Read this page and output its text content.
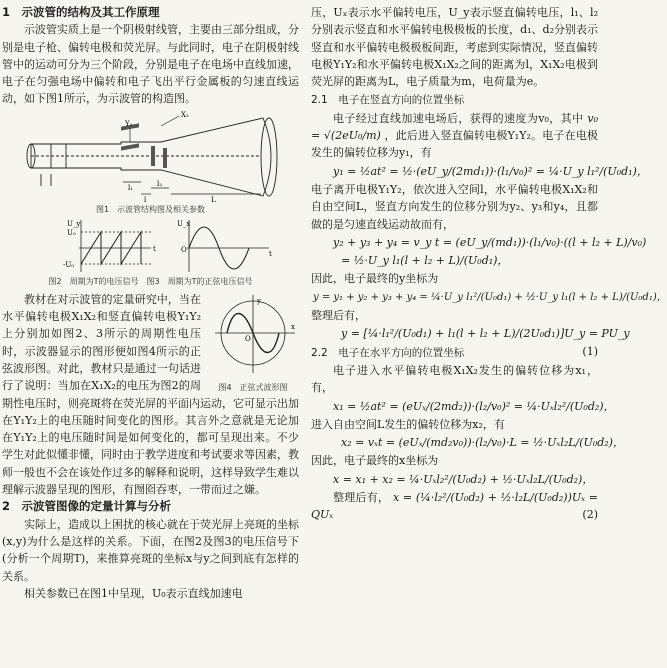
1　示波管的结构及其工作原理

示波管实质上是一个阴极射线管，主要由三部分组成，分别是电子枪、偏转电极和荧光屏。与此同时，电子在阴极射线管中的运动可分为三个阶段，分别是电子在电场中直线加速，电子在匀强电场中偏转和电子飞出平行金属板的匀速直线运动，如下图1所示，为示波管的构造图。

Y₁
X₂
l₁	l₂
l	L

图1　示波管结构图及相关参数

U_y
U₀
-U₀
t
U_x
O	t

图2　周期为T的电压信号　图3　周期为T的正弦电压信号

y
x
O

图4　正弦式波形图

教材在对示波管的定量研究中，当在水平偏转电极X₁X₂和竖直偏转电极Y₁Y₂上分别加如图2、3所示的周期性电压时，示波器显示的图形便如图4所示的正弦波形图。对此，教材只是通过一句话进行了说明：当加在X₁X₂的电压为图2的周期性电压时，则亮斑将在荧光屏的平面内运动，它可显示出加在Y₁Y₂上的电压随时间变化的图形。其言外之意就是无论加在Y₁Y₂上的电压随时间是如何变化的，都可呈现出来。不少学生对此似懂非懂，同时由于教学进度和考试要求等因素，教师一般也不会在该处作过多的解释和说明，这样导致学生难以理解示波器呈现的图形，有囫囵吞枣，一带而过之嫌。

2　示波管图像的定量计算与分析

实际上，造成以上困扰的核心就在于荧光屏上亮斑的坐标(x,y)为什么是这样的关系。下面，在图2及图3的电压信号下(分析一个周期T)，来推算亮斑的坐标x与y之间到底有怎样的关系。

相关参数已在图1中呈现，U₀表示直线加速电

压，Uₓ表示水平偏转电压，U_y表示竖直偏转电压，l₁、l₂分别表示竖直和水平偏转电极极板的长度，d₁、d₂分别表示竖直和水平偏转电极极板间距，考虑到实际情况，竖直偏转电极Y₁Y₂和水平偏转电极X₁X₂之间的距离为l，X₁X₂电极到荧光屏的距离为L，电子质量为m，电荷量为e。

2.1　电子在竖直方向的位置坐标

电子经过直线加速电场后，获得的速度为v₀，其中 v₀ = √(2eU₀/m) ，此后进入竖直偏转电极Y₁Y₂。电子在电极发生的偏转位移为y₁，有

y₁ = ½at² = ½·(eU_y/(2md₁))·(l₁/v₀)² = ¼·U_y l₁²/(U₀d₁)，

电子离开电极Y₁Y₂，依次进入空间l，水平偏转电极X₁X₂和自由空间L，竖直方向发生的位移分别为y₂、y₃和y₄，且都做的是匀速直线运动故而有，

y₂ + y₃ + y₄ = v_y t = (eU_y/(md₁))·(l₁/v₀)·((l + l₂ + L)/v₀)

= ½·U_y l₁(l + l₂ + L)/(U₀d₁)，

因此，电子最终的y坐标为

y = y₁ + y₂ + y₃ + y₄ = ¼·U_y l₁²/(U₀d₁) + ½·U_y l₁(l + l₂ + L)/(U₀d₁)，

整理后有，

y = [¼·l₁²/(U₀d₁) + l₁(l + l₂ + L)/(2U₀d₁)]U_y = PU_y
(1)

2.2　电子在水平方向的位置坐标

电子进入水平偏转电极X₁X₂发生的偏转位移为x₁，有，

x₁ = ½at² = (eUₓ/(2md₂))·(l₂/v₀)² = ¼·Uₓl₂²/(U₀d₂)，

进入自由空间L发生的偏转位移为x₂，有

x₂ = vₓt = (eUₓ/(md₂v₀))·(l₂/v₀)·L = ½·Uₓl₂L/(U₀d₂)，

因此，电子最终的x坐标为

x = x₁ + x₂ = ¼·Uₓl₂²/(U₀d₂) + ½·Uₓl₂L/(U₀d₂)，

整理后有， x = (¼·l₂²/(U₀d₂) + ½·l₂L/(U₀d₂))Uₓ = QUₓ	(2)
